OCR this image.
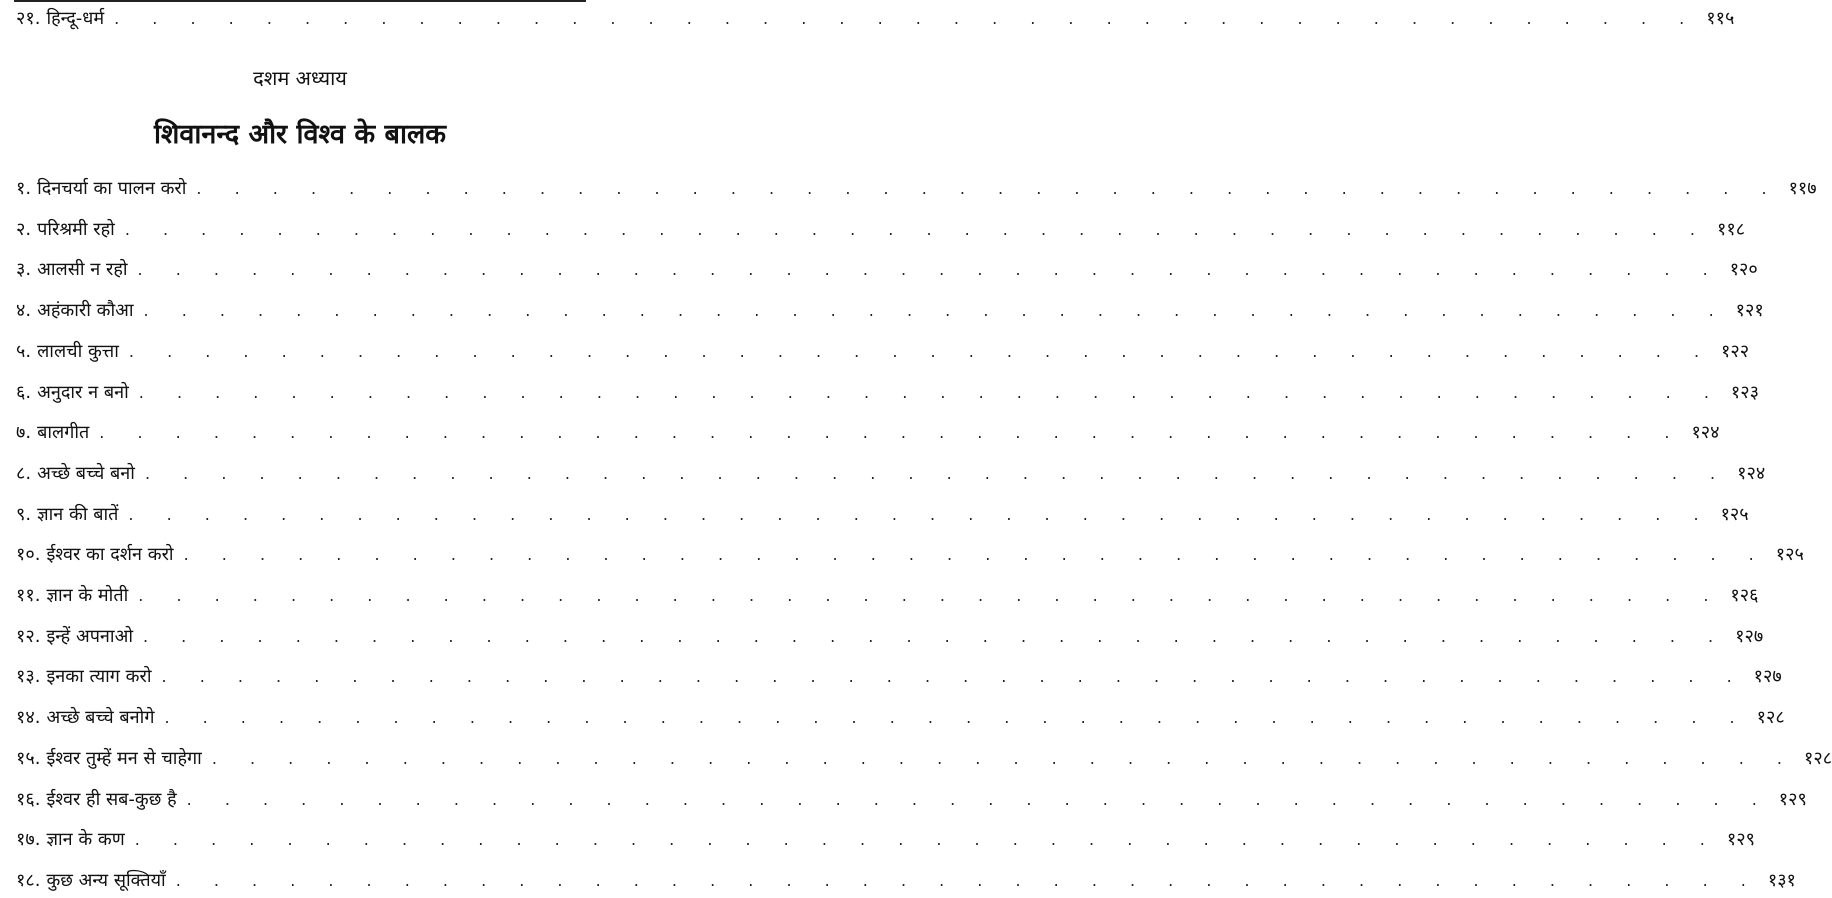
२१. हिन्दू-धर्म . . . . . . . . . . . . . . . . . . . . . . . . . . . . . . . . . . . . . . . . . . ११५
दशम अध्याय
शिवानन्द और विश्व के बालक
१. दिनचर्या का पालन करो . . . . . . . . . . . . . . . . . . . . . . . . . . . . . . . . . . . . . . . . . . ११७
२. परिश्रमी रहो . . . . . . . . . . . . . . . . . . . . . . . . . . . . . . . . . . . . . . . . . . ११८
३. आलसी न रहो . . . . . . . . . . . . . . . . . . . . . . . . . . . . . . . . . . . . . . . . . . १२०
४. अहंकारी कौआ . . . . . . . . . . . . . . . . . . . . . . . . . . . . . . . . . . . . . . . . . . १२१
५. लालची कुत्ता . . . . . . . . . . . . . . . . . . . . . . . . . . . . . . . . . . . . . . . . . . १२२
६. अनुदार न बनो . . . . . . . . . . . . . . . . . . . . . . . . . . . . . . . . . . . . . . . . . . १२३
७. बालगीत . . . . . . . . . . . . . . . . . . . . . . . . . . . . . . . . . . . . . . . . . . १२४
८. अच्छे बच्चे बनो . . . . . . . . . . . . . . . . . . . . . . . . . . . . . . . . . . . . . . . . . . १२४
९. ज्ञान की बातें . . . . . . . . . . . . . . . . . . . . . . . . . . . . . . . . . . . . . . . . . . १२५
१०. ईश्वर का दर्शन करो . . . . . . . . . . . . . . . . . . . . . . . . . . . . . . . . . . . . . . . . . . १२५
११. ज्ञान के मोती . . . . . . . . . . . . . . . . . . . . . . . . . . . . . . . . . . . . . . . . . . १२६
१२. इन्हें अपनाओ . . . . . . . . . . . . . . . . . . . . . . . . . . . . . . . . . . . . . . . . . . १२७
१३. इनका त्याग करो . . . . . . . . . . . . . . . . . . . . . . . . . . . . . . . . . . . . . . . . . . १२७
१४. अच्छे बच्चे बनोगे . . . . . . . . . . . . . . . . . . . . . . . . . . . . . . . . . . . . . . . . . . १२८
१५. ईश्वर तुम्हें मन से चाहेगा . . . . . . . . . . . . . . . . . . . . . . . . . . . . . . . . . . . . . . . . . . १२८
१६. ईश्वर ही सब-कुछ है . . . . . . . . . . . . . . . . . . . . . . . . . . . . . . . . . . . . . . . . . . १२९
१७. ज्ञान के कण . . . . . . . . . . . . . . . . . . . . . . . . . . . . . . . . . . . . . . . . . . १२९
१८. कुछ अन्य सूक्तियाँ . . . . . . . . . . . . . . . . . . . . . . . . . . . . . . . . . . . . . . . . . . १३१
